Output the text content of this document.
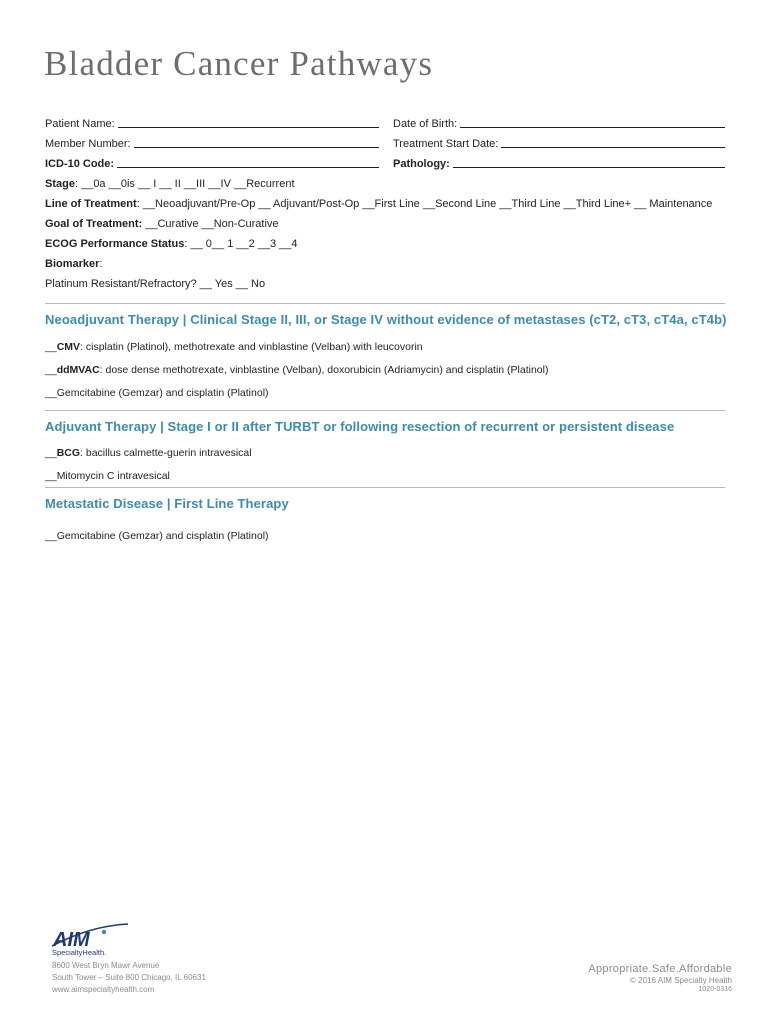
Bladder Cancer Pathways
Patient Name:	Date of Birth:
Member Number:	Treatment Start Date:
ICD-10 Code:	Pathology:
Stage: __0a __0is __ I __ II __III __IV __Recurrent
Line of Treatment: __Neoadjuvant/Pre-Op __ Adjuvant/Post-Op __First Line __Second Line __Third Line __Third Line+ __ Maintenance
Goal of Treatment: __Curative __Non-Curative
ECOG Performance Status: __ 0__ 1 __2 __3 __4
Biomarker:
Platinum Resistant/Refractory? __ Yes __ No
Neoadjuvant Therapy | Clinical Stage II, III, or Stage IV without evidence of metastases (cT2, cT3, cT4a, cT4b)
__CMV: cisplatin (Platinol), methotrexate and vinblastine (Velban) with leucovorin
__ddMVAC: dose dense methotrexate, vinblastine (Velban), doxorubicin (Adriamycin) and cisplatin (Platinol)
__Gemcitabine (Gemzar) and cisplatin (Platinol)
Adjuvant Therapy | Stage I or II after TURBT or following resection of recurrent or persistent disease
__BCG: bacillus calmette-guerin intravesical
__Mitomycin C intravesical
Metastatic Disease | First Line Therapy
__Gemcitabine (Gemzar) and cisplatin (Platinol)
AIM
SpecialtyHealth.
8600 West Bryn Mawr Avenue
South Tower – Suite 800 Chicago, IL 60631
www.aimspecialtyhealth.com
Appropriate.Safe.Affordable
© 2016 AIM Specialty Health
1020-0316
